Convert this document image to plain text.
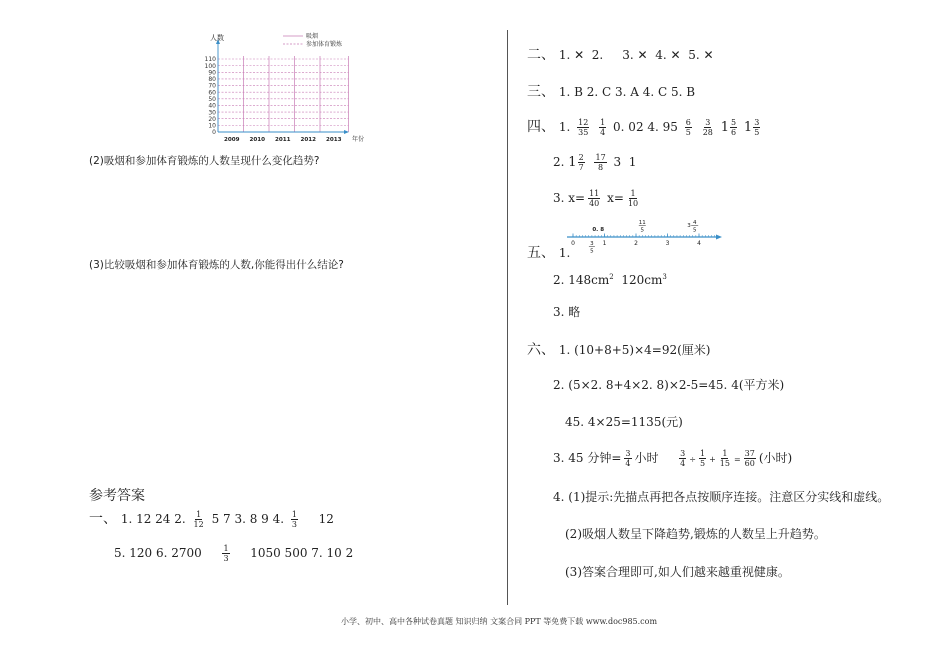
0
10
20
30
40
50
60
70
80
90
100
110
2009 2010 2011 2012 2013 年份
人数	吸烟
参加体育锻炼
(2)吸烟和参加体育锻炼的人数呈现什么变化趋势?
(3)比较吸烟和参加体育锻炼的人数,你能得出什么结论?
参考答案
一、 1. 12 24 2. $\frac{1}{12} 5$ 7 3. 8 9 4. $\frac{1}{3} 12$
5. 120 6. 2700	$\frac{1}{3} 1050$ 500 7. 10 2
二、 1. ✕  2.     3. ✕  4. ✕  5. ✕
三、 1. B 2. C 3. A 4. C 5. B
四、 1. $\frac{12}{35}$
$\frac{1}{4} 0$. 02 4. $95 \frac{6}{5}$
$\frac{3}{28}$
$1 \frac{5}{6}$
$1 \frac{3}{5}$
2. $1 \frac{2}{7}$
$\frac{17}{8} 3$  1
3. $x= \frac{11}{40} x= \frac{1}{10}$
五、 1.
0	1	2	3	4
0. 8
3
5
11
5
3 4
5
2. $148cm^2$  $120cm^3$
3. 略
六、 1. (10+8+5)×4=92(厘米)
2. (5×2. 8+4×2. 8)×2-5=45. 4(平方米)
45. 4×25=1135(元)
3. 45 分钟= $\frac{3}{4}$ 小时	$\frac{3}{4} \div \frac{1}{5} + \frac{1}{15} = \frac{37}{60}$ (小时)
4. (1)提示:先描点再把各点按顺序连接。注意区分实线和虚线。
(2)吸烟人数呈下降趋势,锻炼的人数呈上升趋势。
(3)答案合理即可,如人们越来越重视健康。
小学、初中、高中各种试卷真题 知识归纳 文案合同 PPT 等免费下载 www.doc985.com
